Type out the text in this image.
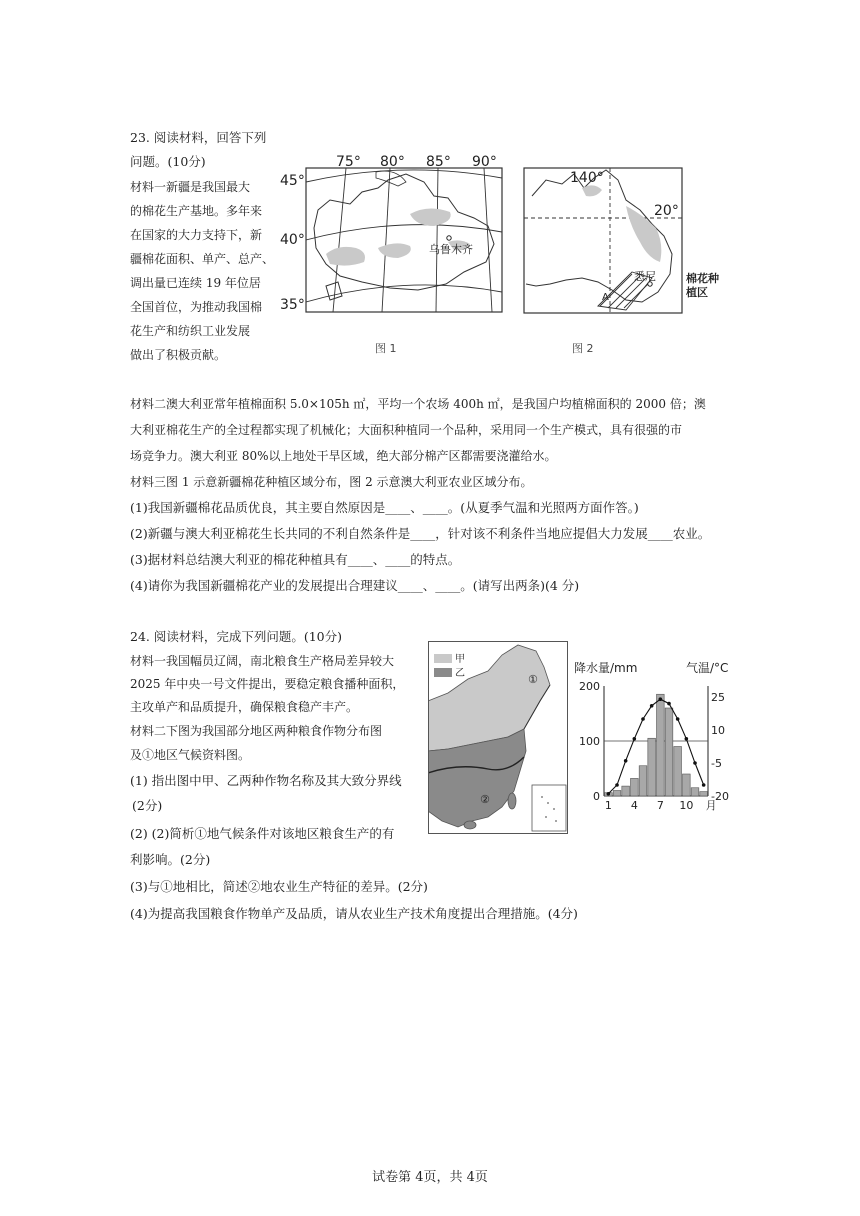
23. 阅读材料，回答下列
问题。(10分)
材料一新疆是我国最大
的棉花生产基地。多年来
在国家的大力支持下，新
疆棉花面积、单产、总产、
调出量已连续 19 年位居
全国首位，为推动我国棉
花生产和纺织工业发展
做出了积极贡献。
乌鲁木齐
75° 80° 85° 90°
45°
40°
35°
图 1
悉尼
A
140°
20°
棉花种
植区
图 2
材料二澳大利亚常年植棉面积 5.0×105h ㎡，平均一个农场 400h ㎡，是我国户均植棉面积的 2000 倍；澳
大利亚棉花生产的全过程都实现了机械化；大面积种植同一个品种，采用同一个生产模式，具有很强的市
场竞争力。澳大利亚 80%以上地处干旱区域，绝大部分棉产区都需要浇灌给水。
材料三图 1 示意新疆棉花种植区域分布，图 2 示意澳大利亚农业区域分布。
(1)我国新疆棉花品质优良，其主要自然原因是____、____。(从夏季气温和光照两方面作答。)
(2)新疆与澳大利亚棉花生长共同的不利自然条件是____，针对该不利条件当地应提倡大力发展____农业。
(3)据材料总结澳大利亚的棉花种植具有____、____的特点。
(4)请你为我国新疆棉花产业的发展提出合理建议____、____。(请写出两条)(4 分)
24. 阅读材料，完成下列问题。(10分)
材料一我国幅员辽阔，南北粮食生产格局差异较大
2025 年中央一号文件提出，要稳定粮食播种面积，
主攻单产和品质提升，确保粮食稳产丰产。
材料二下图为我国部分地区两种粮食作物分布图
及①地区气候资料图。
(1) 指出图中甲、乙两种作物名称及其大致分界线
(2分)
(2) (2)简析①地气候条件对该地区粮食生产的有
利影响。(2分)
(3)与①地相比，简述②地农业生产特征的差异。(2分)
(4)为提高我国粮食作物单产及品质，请从农业生产技术角度提出合理措施。(4分)
甲
乙	①
②
降水量/mm	气温/°C
200
100
0
25
10
-5
-20
1 4 7 10 月
试卷第 4页，共 4页
